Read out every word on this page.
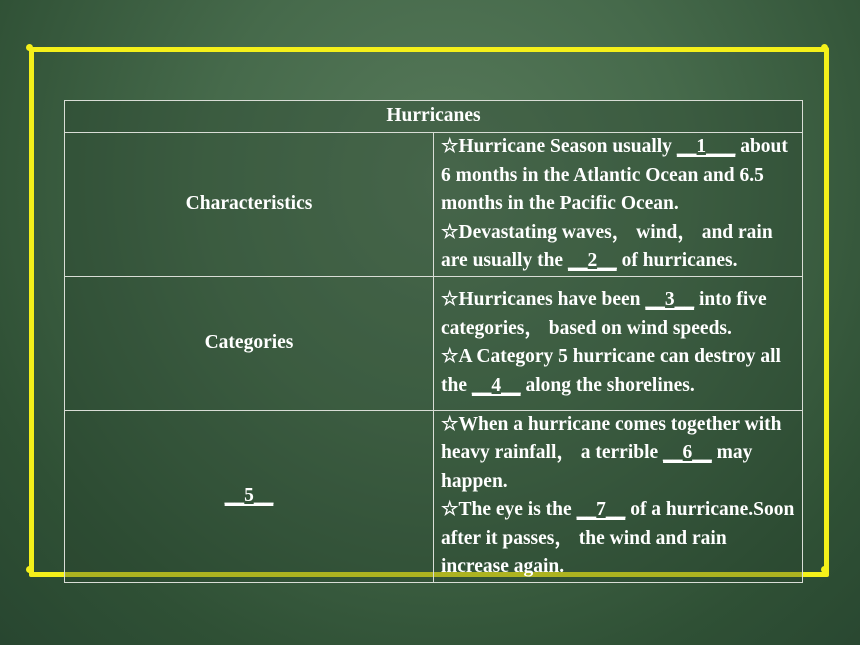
Hurricanes	
Characteristics	☆Hurricane Season usually __1___ about 6 months in the Atlantic Ocean and 6.5 months in the Pacific Ocean.
☆Devastating waves， wind， and rain are usually the __2__ of hurricanes.

Categories	☆Hurricanes have been __3__ into five categories， based on wind speeds.
☆A Category 5 hurricane can destroy all the __4__ along the shorelines.

__5__	☆When a hurricane comes together with heavy rainfall， a terrible __6__ may happen.
☆The eye is the __7__ of a hurricane.Soon after it passes， the wind and rain increase again.
